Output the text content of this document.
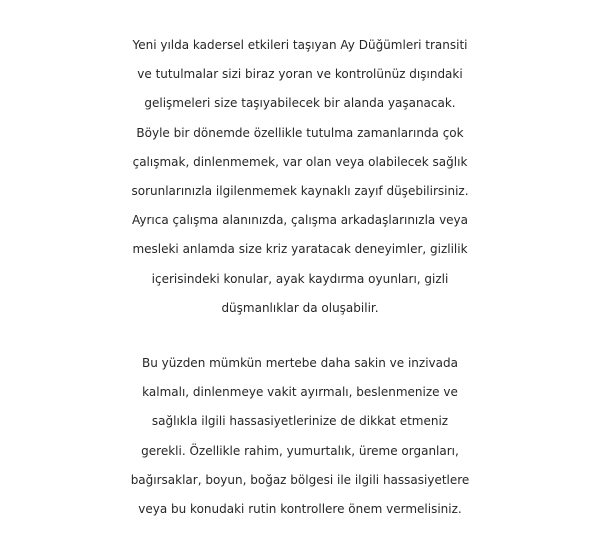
Yeni yılda kadersel etkileri taşıyan Ay Düğümleri transiti
ve tutulmalar sizi biraz yoran ve kontrolünüz dışındaki
gelişmeleri size taşıyabilecek bir alanda yaşanacak.
Böyle bir dönemde özellikle tutulma zamanlarında çok
çalışmak, dinlenmemek, var olan veya olabilecek sağlık
sorunlarınızla ilgilenmemek kaynaklı zayıf düşebilirsiniz.
Ayrıca çalışma alanınızda, çalışma arkadaşlarınızla veya
mesleki anlamda size kriz yaratacak deneyimler, gizlilik
içerisindeki konular, ayak kaydırma oyunları, gizli
düşmanlıklar da oluşabilir.

Bu yüzden mümkün mertebe daha sakin ve inzivada
kalmalı, dinlenmeye vakit ayırmalı, beslenmenize ve
sağlıkla ilgili hassasiyetlerinize de dikkat etmeniz
gerekli. Özellikle rahim, yumurtalık, üreme organları,
bağırsaklar, boyun, boğaz bölgesi ile ilgili hassasiyetlere
veya bu konudaki rutin kontrollere önem vermelisiniz.
